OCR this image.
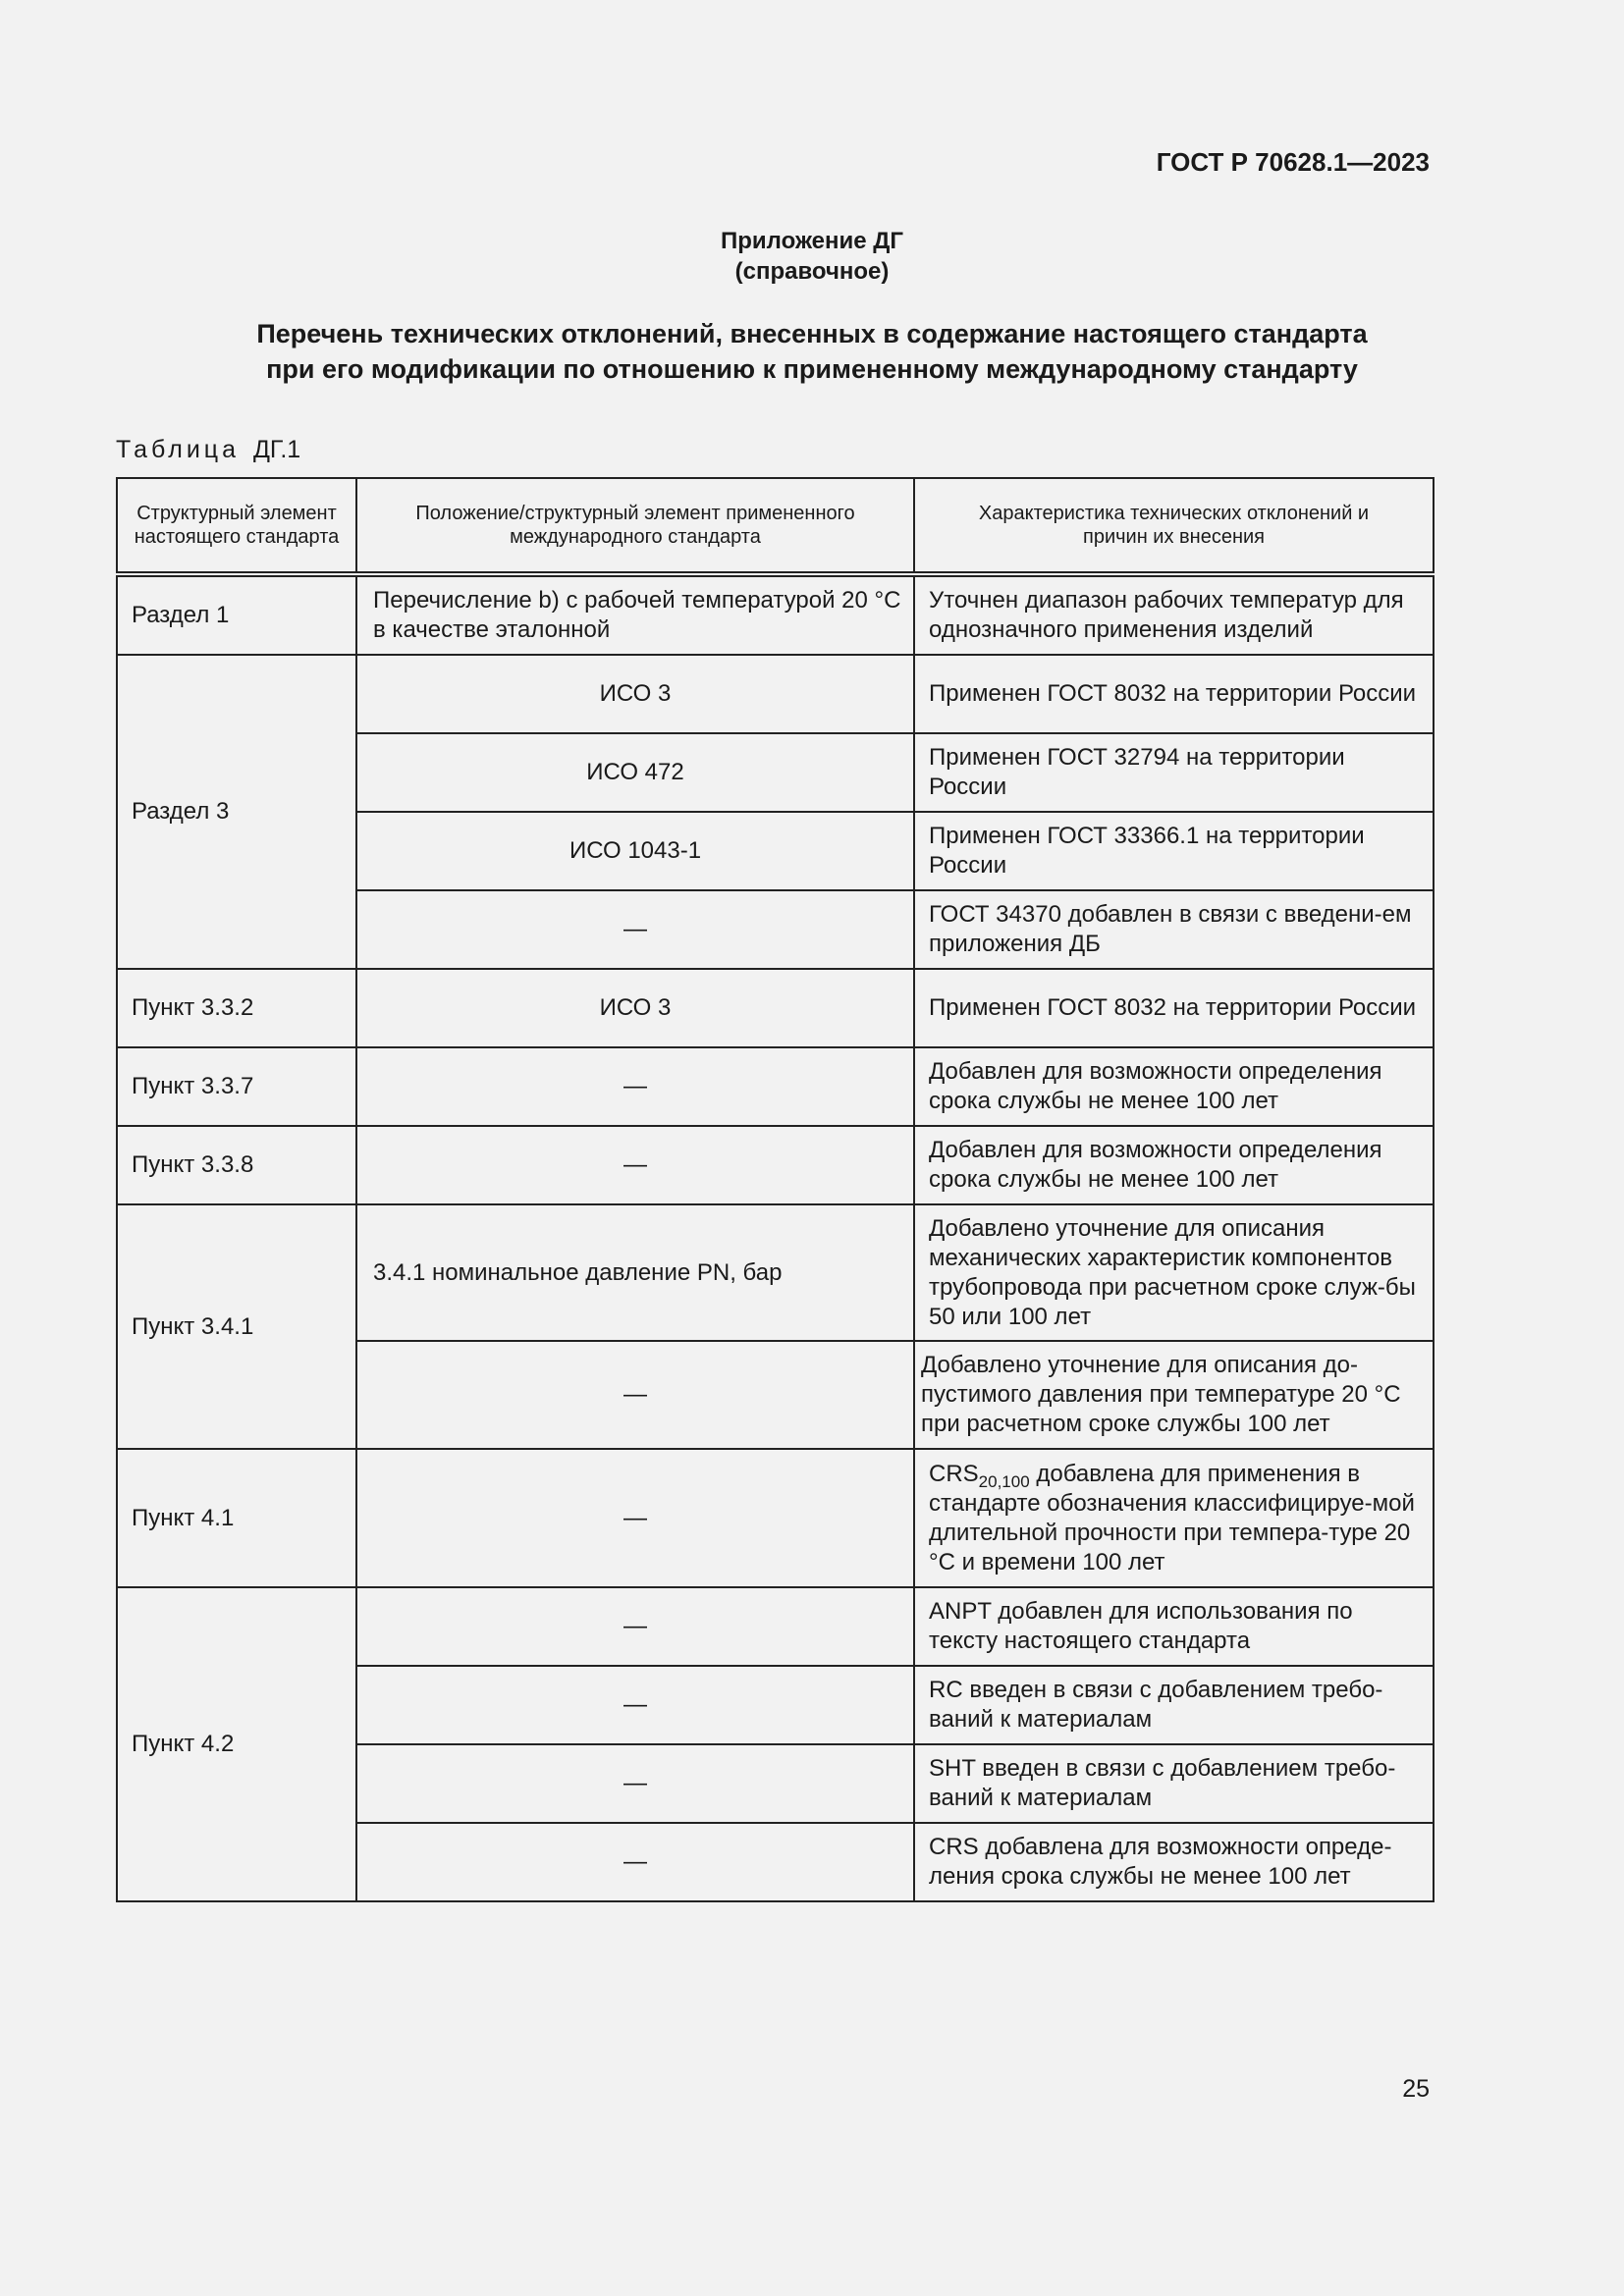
ГОСТ Р 70628.1—2023
Приложение ДГ
(справочное)
Перечень технических отклонений, внесенных в содержание настоящего стандарта
при его модификации по отношению к примененному международному стандарту
Таблица ДГ.1
Структурный элемент настоящего стандарта	Положение/структурный элемент примененного международного стандарта	Характеристика технических отклонений и причин их внесения
Раздел 1	Перечисление b) с рабочей температурой 20 °С в качестве эталонной	Уточнен диапазон рабочих температур для однозначного применения изделий
Раздел 3	ИСО 3	Применен ГОСТ 8032 на территории России
	ИСО 472	Применен ГОСТ 32794 на территории России
	ИСО 1043-1	Применен ГОСТ 33366.1 на территории России
	—	ГОСТ 34370 добавлен в связи с введени-ем приложения ДБ
Пункт 3.3.2	ИСО 3	Применен ГОСТ 8032 на территории России
Пункт 3.3.7	—	Добавлен для возможности определения срока службы не менее 100 лет
Пункт 3.3.8	—	Добавлен для возможности определения срока службы не менее 100 лет
Пункт 3.4.1	3.4.1 номинальное давление PN, бар	Добавлено уточнение для описания механических характеристик компонентов трубопровода при расчетном сроке служ-бы 50 или 100 лет
	—	Добавлено уточнение для описания до-пустимого давления при температуре 20 °С при расчетном сроке службы 100 лет
Пункт 4.1	—	$CRS_{20,100}$ добавлена для применения в стандарте обозначения классифицируе-мой длительной прочности при темпера-туре 20 °С и времени 100 лет
Пункт 4.2	—	ANPT добавлен для использования по тексту настоящего стандарта
	—	RC введен в связи с добавлением требо-ваний к материалам
	—	SHT введен в связи с добавлением требо-ваний к материалам
	—	CRS добавлена для возможности опреде-ления срока службы не менее 100 лет
25
